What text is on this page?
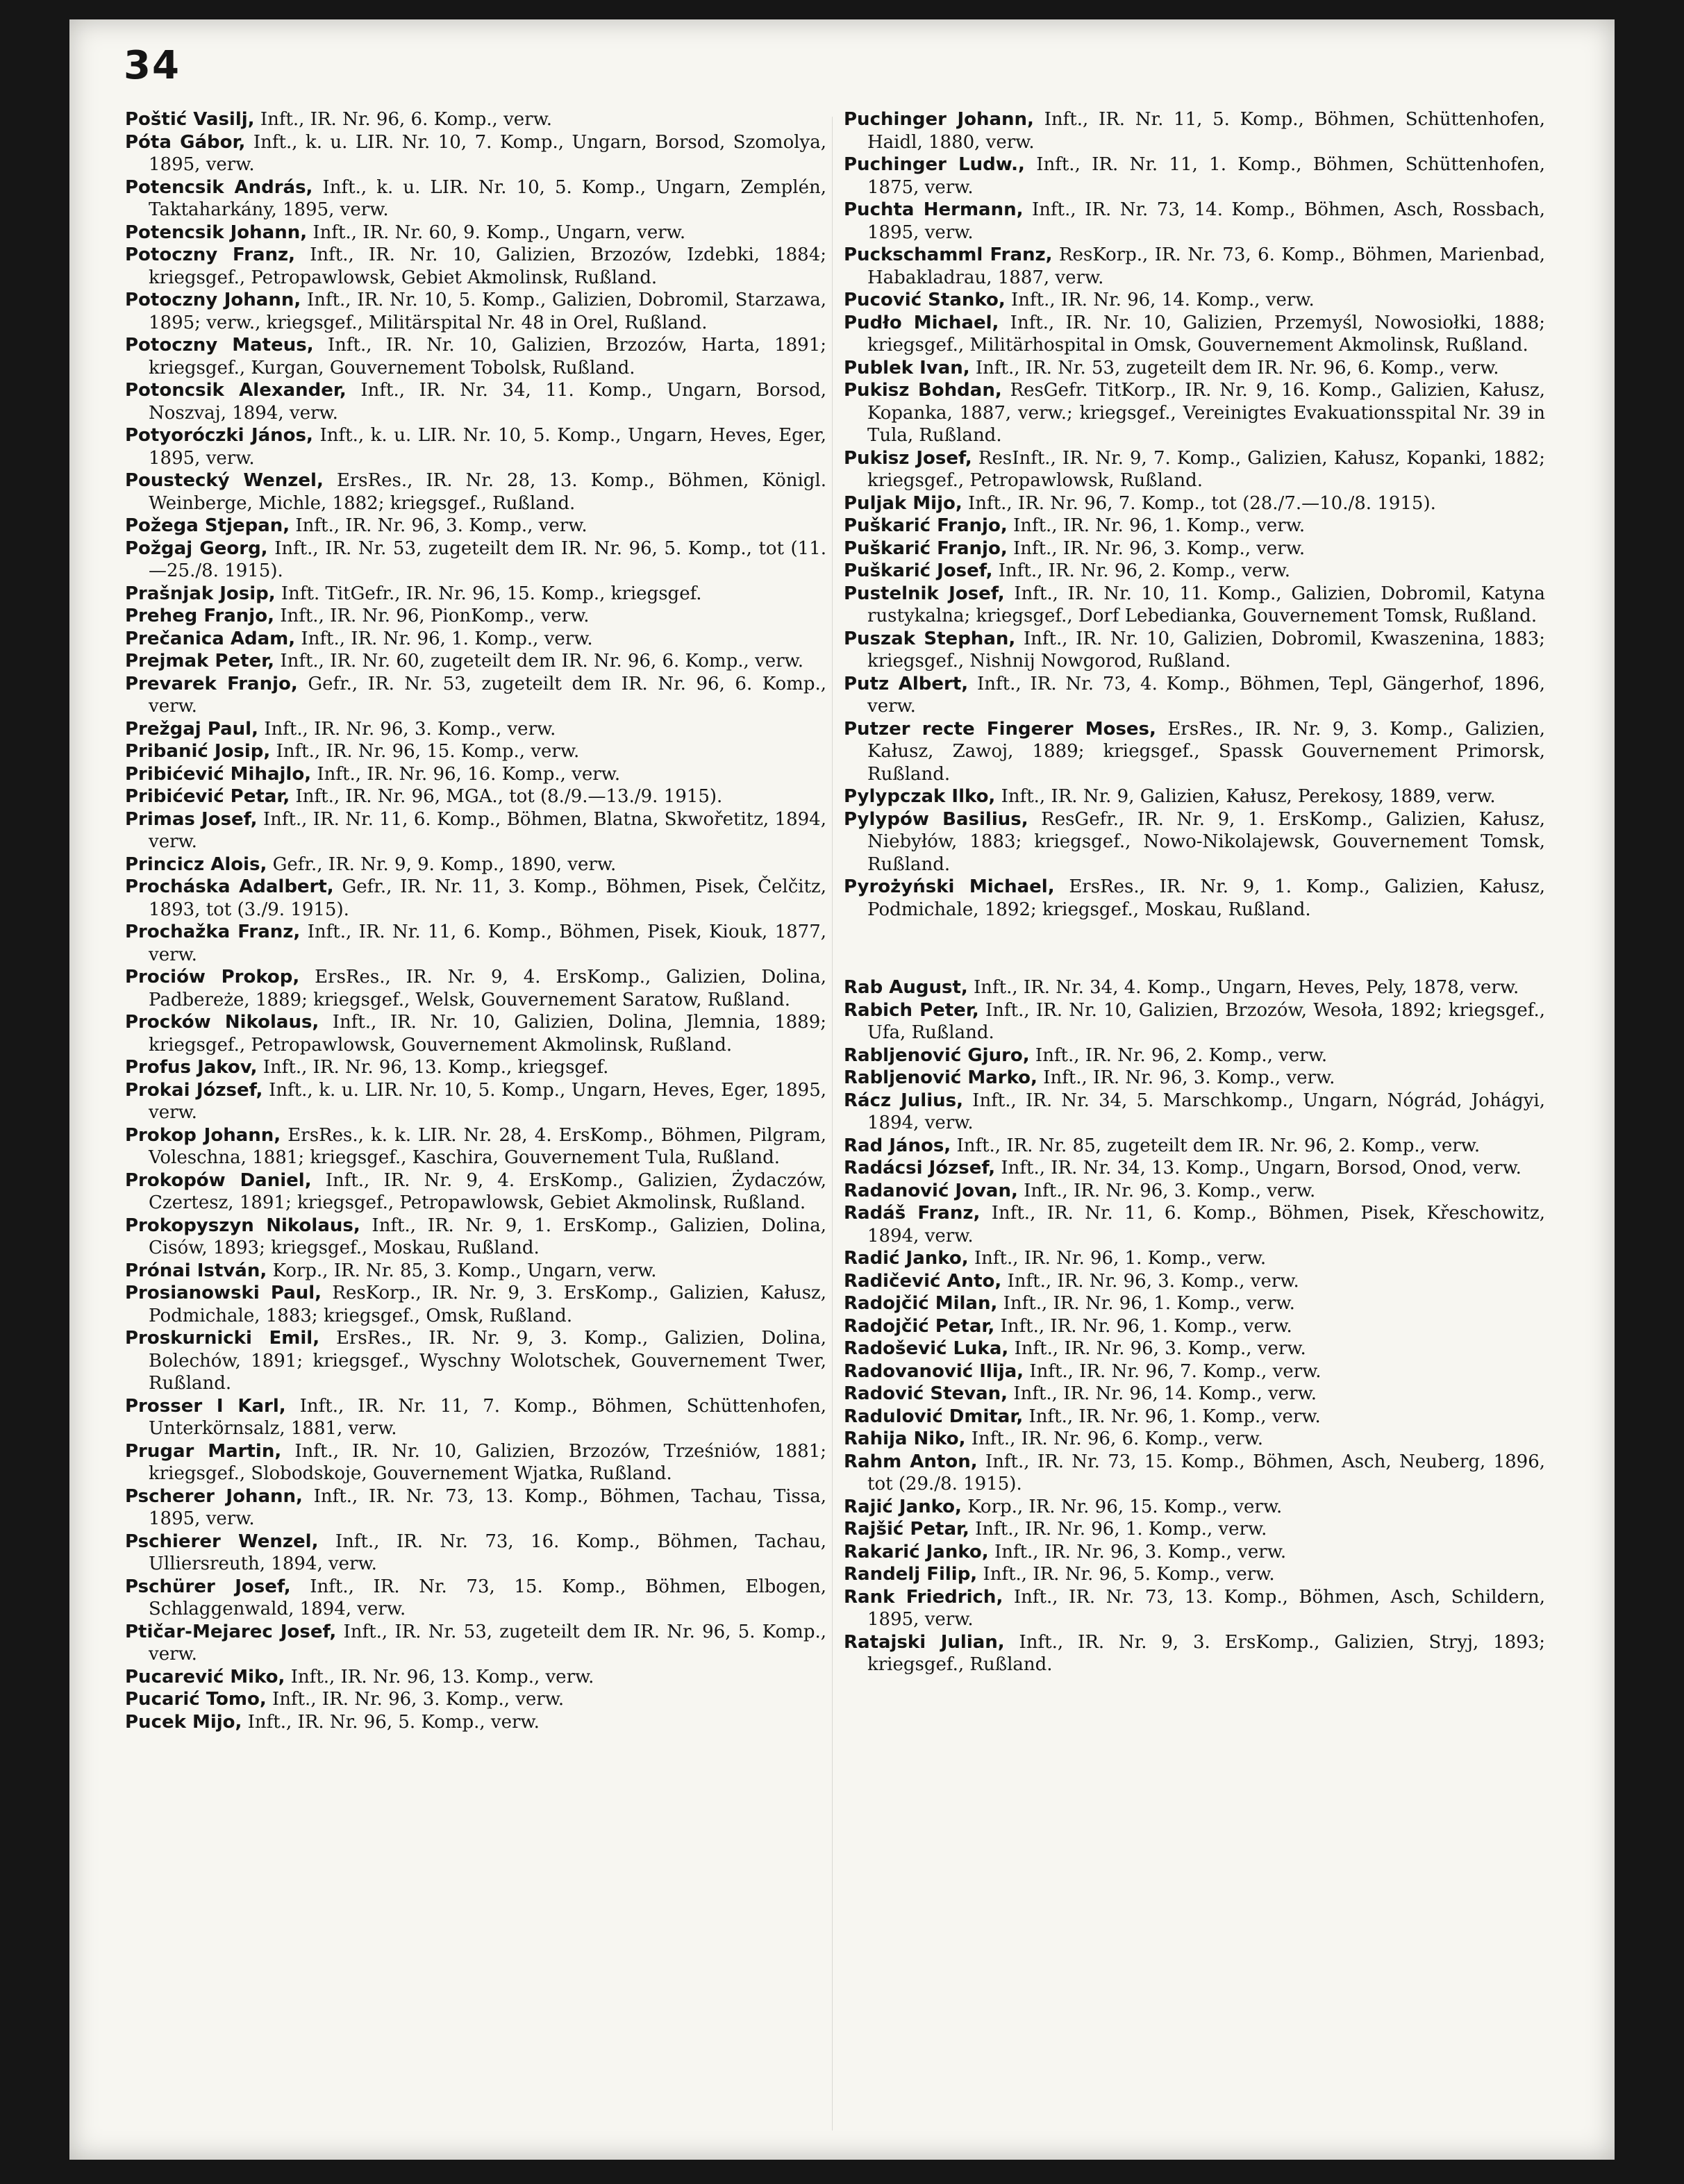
34

Poštić Vasilj, Inft., IR. Nr. 96, 6. Komp., verw.

Póta Gábor, Inft., k. u. LIR. Nr. 10, 7. Komp., Ungarn, Borsod, Szomolya, 1895, verw.

Potencsik András, Inft., k. u. LIR. Nr. 10, 5. Komp., Ungarn, Zemplén, Taktaharkány, 1895, verw.

Potencsik Johann, Inft., IR. Nr. 60, 9. Komp., Ungarn, verw.

Potoczny Franz, Inft., IR. Nr. 10, Galizien, Brzozów, Izdebki, 1884; kriegsgef., Petropawlowsk, Gebiet Akmolinsk, Rußland.

Potoczny Johann, Inft., IR. Nr. 10, 5. Komp., Galizien, Dobromil, Starzawa, 1895; verw., kriegsgef., Militärspital Nr. 48 in Orel, Rußland.

Potoczny Mateus, Inft., IR. Nr. 10, Galizien, Brzozów, Harta, 1891; kriegsgef., Kurgan, Gouvernement Tobolsk, Rußland.

Potoncsik Alexander, Inft., IR. Nr. 34, 11. Komp., Ungarn, Borsod, Noszvaj, 1894, verw.

Potyoróczki János, Inft., k. u. LIR. Nr. 10, 5. Komp., Ungarn, Heves, Eger, 1895, verw.

Poustecký Wenzel, ErsRes., IR. Nr. 28, 13. Komp., Böhmen, Königl. Weinberge, Michle, 1882; kriegsgef., Rußland.

Požega Stjepan, Inft., IR. Nr. 96, 3. Komp., verw.

Požgaj Georg, Inft., IR. Nr. 53, zugeteilt dem IR. Nr. 96, 5. Komp., tot (11.—25./8. 1915).

Prašnjak Josip, Inft. TitGefr., IR. Nr. 96, 15. Komp., kriegsgef.

Preheg Franjo, Inft., IR. Nr. 96, PionKomp., verw.

Prečanica Adam, Inft., IR. Nr. 96, 1. Komp., verw.

Prejmak Peter, Inft., IR. Nr. 60, zugeteilt dem IR. Nr. 96, 6. Komp., verw.

Prevarek Franjo, Gefr., IR. Nr. 53, zugeteilt dem IR. Nr. 96, 6. Komp., verw.

Prežgaj Paul, Inft., IR. Nr. 96, 3. Komp., verw.

Pribanić Josip, Inft., IR. Nr. 96, 15. Komp., verw.

Pribićević Mihajlo, Inft., IR. Nr. 96, 16. Komp., verw.

Pribićević Petar, Inft., IR. Nr. 96, MGA., tot (8./9.—13./9. 1915).

Primas Josef, Inft., IR. Nr. 11, 6. Komp., Böhmen, Blatna, Skwořetitz, 1894, verw.

Princicz Alois, Gefr., IR. Nr. 9, 9. Komp., 1890, verw.

Procháska Adalbert, Gefr., IR. Nr. 11, 3. Komp., Böhmen, Pisek, Čelčitz, 1893, tot (3./9. 1915).

Prochažka Franz, Inft., IR. Nr. 11, 6. Komp., Böhmen, Pisek, Kiouk, 1877, verw.

Prociów Prokop, ErsRes., IR. Nr. 9, 4. ErsKomp., Galizien, Dolina, Padbereże, 1889; kriegsgef., Welsk, Gouvernement Saratow, Rußland.

Procków Nikolaus, Inft., IR. Nr. 10, Galizien, Dolina, Jlemnia, 1889; kriegsgef., Petropawlowsk, Gouvernement Akmolinsk, Rußland.

Profus Jakov, Inft., IR. Nr. 96, 13. Komp., kriegsgef.

Prokai József, Inft., k. u. LIR. Nr. 10, 5. Komp., Ungarn, Heves, Eger, 1895, verw.

Prokop Johann, ErsRes., k. k. LIR. Nr. 28, 4. ErsKomp., Böhmen, Pilgram, Voleschna, 1881; kriegsgef., Kaschira, Gouvernement Tula, Rußland.

Prokopów Daniel, Inft., IR. Nr. 9, 4. ErsKomp., Galizien, Żydaczów, Czertesz, 1891; kriegsgef., Petropawlowsk, Gebiet Akmolinsk, Rußland.

Prokopyszyn Nikolaus, Inft., IR. Nr. 9, 1. ErsKomp., Galizien, Dolina, Cisów, 1893; kriegsgef., Moskau, Rußland.

Prónai István, Korp., IR. Nr. 85, 3. Komp., Ungarn, verw.

Prosianowski Paul, ResKorp., IR. Nr. 9, 3. ErsKomp., Galizien, Kałusz, Podmichale, 1883; kriegsgef., Omsk, Rußland.

Proskurnicki Emil, ErsRes., IR. Nr. 9, 3. Komp., Galizien, Dolina, Bolechów, 1891; kriegsgef., Wyschny Wolotschek, Gouvernement Twer, Rußland.

Prosser I Karl, Inft., IR. Nr. 11, 7. Komp., Böhmen, Schüttenhofen, Unterkörnsalz, 1881, verw.

Prugar Martin, Inft., IR. Nr. 10, Galizien, Brzozów, Trześniów, 1881; kriegsgef., Slobodskoje, Gouvernement Wjatka, Rußland.

Pscherer Johann, Inft., IR. Nr. 73, 13. Komp., Böhmen, Tachau, Tissa, 1895, verw.

Pschierer Wenzel, Inft., IR. Nr. 73, 16. Komp., Böhmen, Tachau, Ulliersreuth, 1894, verw.

Pschürer Josef, Inft., IR. Nr. 73, 15. Komp., Böhmen, Elbogen, Schlaggenwald, 1894, verw.

Ptičar-Mejarec Josef, Inft., IR. Nr. 53, zugeteilt dem IR. Nr. 96, 5. Komp., verw.

Pucarević Miko, Inft., IR. Nr. 96, 13. Komp., verw.

Pucarić Tomo, Inft., IR. Nr. 96, 3. Komp., verw.

Pucek Mijo, Inft., IR. Nr. 96, 5. Komp., verw.

Puchinger Johann, Inft., IR. Nr. 11, 5. Komp., Böhmen, Schüttenhofen, Haidl, 1880, verw.

Puchinger Ludw., Inft., IR. Nr. 11, 1. Komp., Böhmen, Schüttenhofen, 1875, verw.

Puchta Hermann, Inft., IR. Nr. 73, 14. Komp., Böhmen, Asch, Rossbach, 1895, verw.

Puckschamml Franz, ResKorp., IR. Nr. 73, 6. Komp., Böhmen, Marienbad, Habakladrau, 1887, verw.

Pucović Stanko, Inft., IR. Nr. 96, 14. Komp., verw.

Pudło Michael, Inft., IR. Nr. 10, Galizien, Przemyśl, Nowosiołki, 1888; kriegsgef., Militärhospital in Omsk, Gouvernement Akmolinsk, Rußland.

Publek Ivan, Inft., IR. Nr. 53, zugeteilt dem IR. Nr. 96, 6. Komp., verw.

Pukisz Bohdan, ResGefr. TitKorp., IR. Nr. 9, 16. Komp., Galizien, Kałusz, Kopanka, 1887, verw.; kriegsgef., Vereinigtes Evakuationsspital Nr. 39 in Tula, Rußland.

Pukisz Josef, ResInft., IR. Nr. 9, 7. Komp., Galizien, Kałusz, Kopanki, 1882; kriegsgef., Petropawlowsk, Rußland.

Puljak Mijo, Inft., IR. Nr. 96, 7. Komp., tot (28./7.—10./8. 1915).

Puškarić Franjo, Inft., IR. Nr. 96, 1. Komp., verw.

Puškarić Franjo, Inft., IR. Nr. 96, 3. Komp., verw.

Puškarić Josef, Inft., IR. Nr. 96, 2. Komp., verw.

Pustelnik Josef, Inft., IR. Nr. 10, 11. Komp., Galizien, Dobromil, Katyna rustykalna; kriegsgef., Dorf Lebedianka, Gouvernement Tomsk, Rußland.

Puszak Stephan, Inft., IR. Nr. 10, Galizien, Dobromil, Kwaszenina, 1883; kriegsgef., Nishnij Nowgorod, Rußland.

Putz Albert, Inft., IR. Nr. 73, 4. Komp., Böhmen, Tepl, Gängerhof, 1896, verw.

Putzer recte Fingerer Moses, ErsRes., IR. Nr. 9, 3. Komp., Galizien, Kałusz, Zawoj, 1889; kriegsgef., Spassk Gouvernement Primorsk, Rußland.

Pylypczak Ilko, Inft., IR. Nr. 9, Galizien, Kałusz, Perekosy, 1889, verw.

Pylypów Basilius, ResGefr., IR. Nr. 9, 1. ErsKomp., Galizien, Kałusz, Niebyłów, 1883; kriegsgef., Nowo-Nikolajewsk, Gouvernement Tomsk, Rußland.

Pyrożyński Michael, ErsRes., IR. Nr. 9, 1. Komp., Galizien, Kałusz, Podmichale, 1892; kriegsgef., Moskau, Rußland.

Rab August, Inft., IR. Nr. 34, 4. Komp., Ungarn, Heves, Pely, 1878, verw.

Rabich Peter, Inft., IR. Nr. 10, Galizien, Brzozów, Wesoła, 1892; kriegsgef., Ufa, Rußland.

Rabljenović Gjuro, Inft., IR. Nr. 96, 2. Komp., verw.

Rabljenović Marko, Inft., IR. Nr. 96, 3. Komp., verw.

Rácz Julius, Inft., IR. Nr. 34, 5. Marschkomp., Ungarn, Nógrád, Johágyi, 1894, verw.

Rad János, Inft., IR. Nr. 85, zugeteilt dem IR. Nr. 96, 2. Komp., verw.

Radácsi József, Inft., IR. Nr. 34, 13. Komp., Ungarn, Borsod, Onod, verw.

Radanović Jovan, Inft., IR. Nr. 96, 3. Komp., verw.

Radáš Franz, Inft., IR. Nr. 11, 6. Komp., Böhmen, Pisek, Křeschowitz, 1894, verw.

Radić Janko, Inft., IR. Nr. 96, 1. Komp., verw.

Radičević Anto, Inft., IR. Nr. 96, 3. Komp., verw.

Radojčić Milan, Inft., IR. Nr. 96, 1. Komp., verw.

Radojčić Petar, Inft., IR. Nr. 96, 1. Komp., verw.

Radošević Luka, Inft., IR. Nr. 96, 3. Komp., verw.

Radovanović Ilija, Inft., IR. Nr. 96, 7. Komp., verw.

Radović Stevan, Inft., IR. Nr. 96, 14. Komp., verw.

Radulović Dmitar, Inft., IR. Nr. 96, 1. Komp., verw.

Rahija Niko, Inft., IR. Nr. 96, 6. Komp., verw.

Rahm Anton, Inft., IR. Nr. 73, 15. Komp., Böhmen, Asch, Neuberg, 1896, tot (29./8. 1915).

Rajić Janko, Korp., IR. Nr. 96, 15. Komp., verw.

Rajšić Petar, Inft., IR. Nr. 96, 1. Komp., verw.

Rakarić Janko, Inft., IR. Nr. 96, 3. Komp., verw.

Randelj Filip, Inft., IR. Nr. 96, 5. Komp., verw.

Rank Friedrich, Inft., IR. Nr. 73, 13. Komp., Böhmen, Asch, Schildern, 1895, verw.

Ratajski Julian, Inft., IR. Nr. 9, 3. ErsKomp., Galizien, Stryj, 1893; kriegsgef., Rußland.
